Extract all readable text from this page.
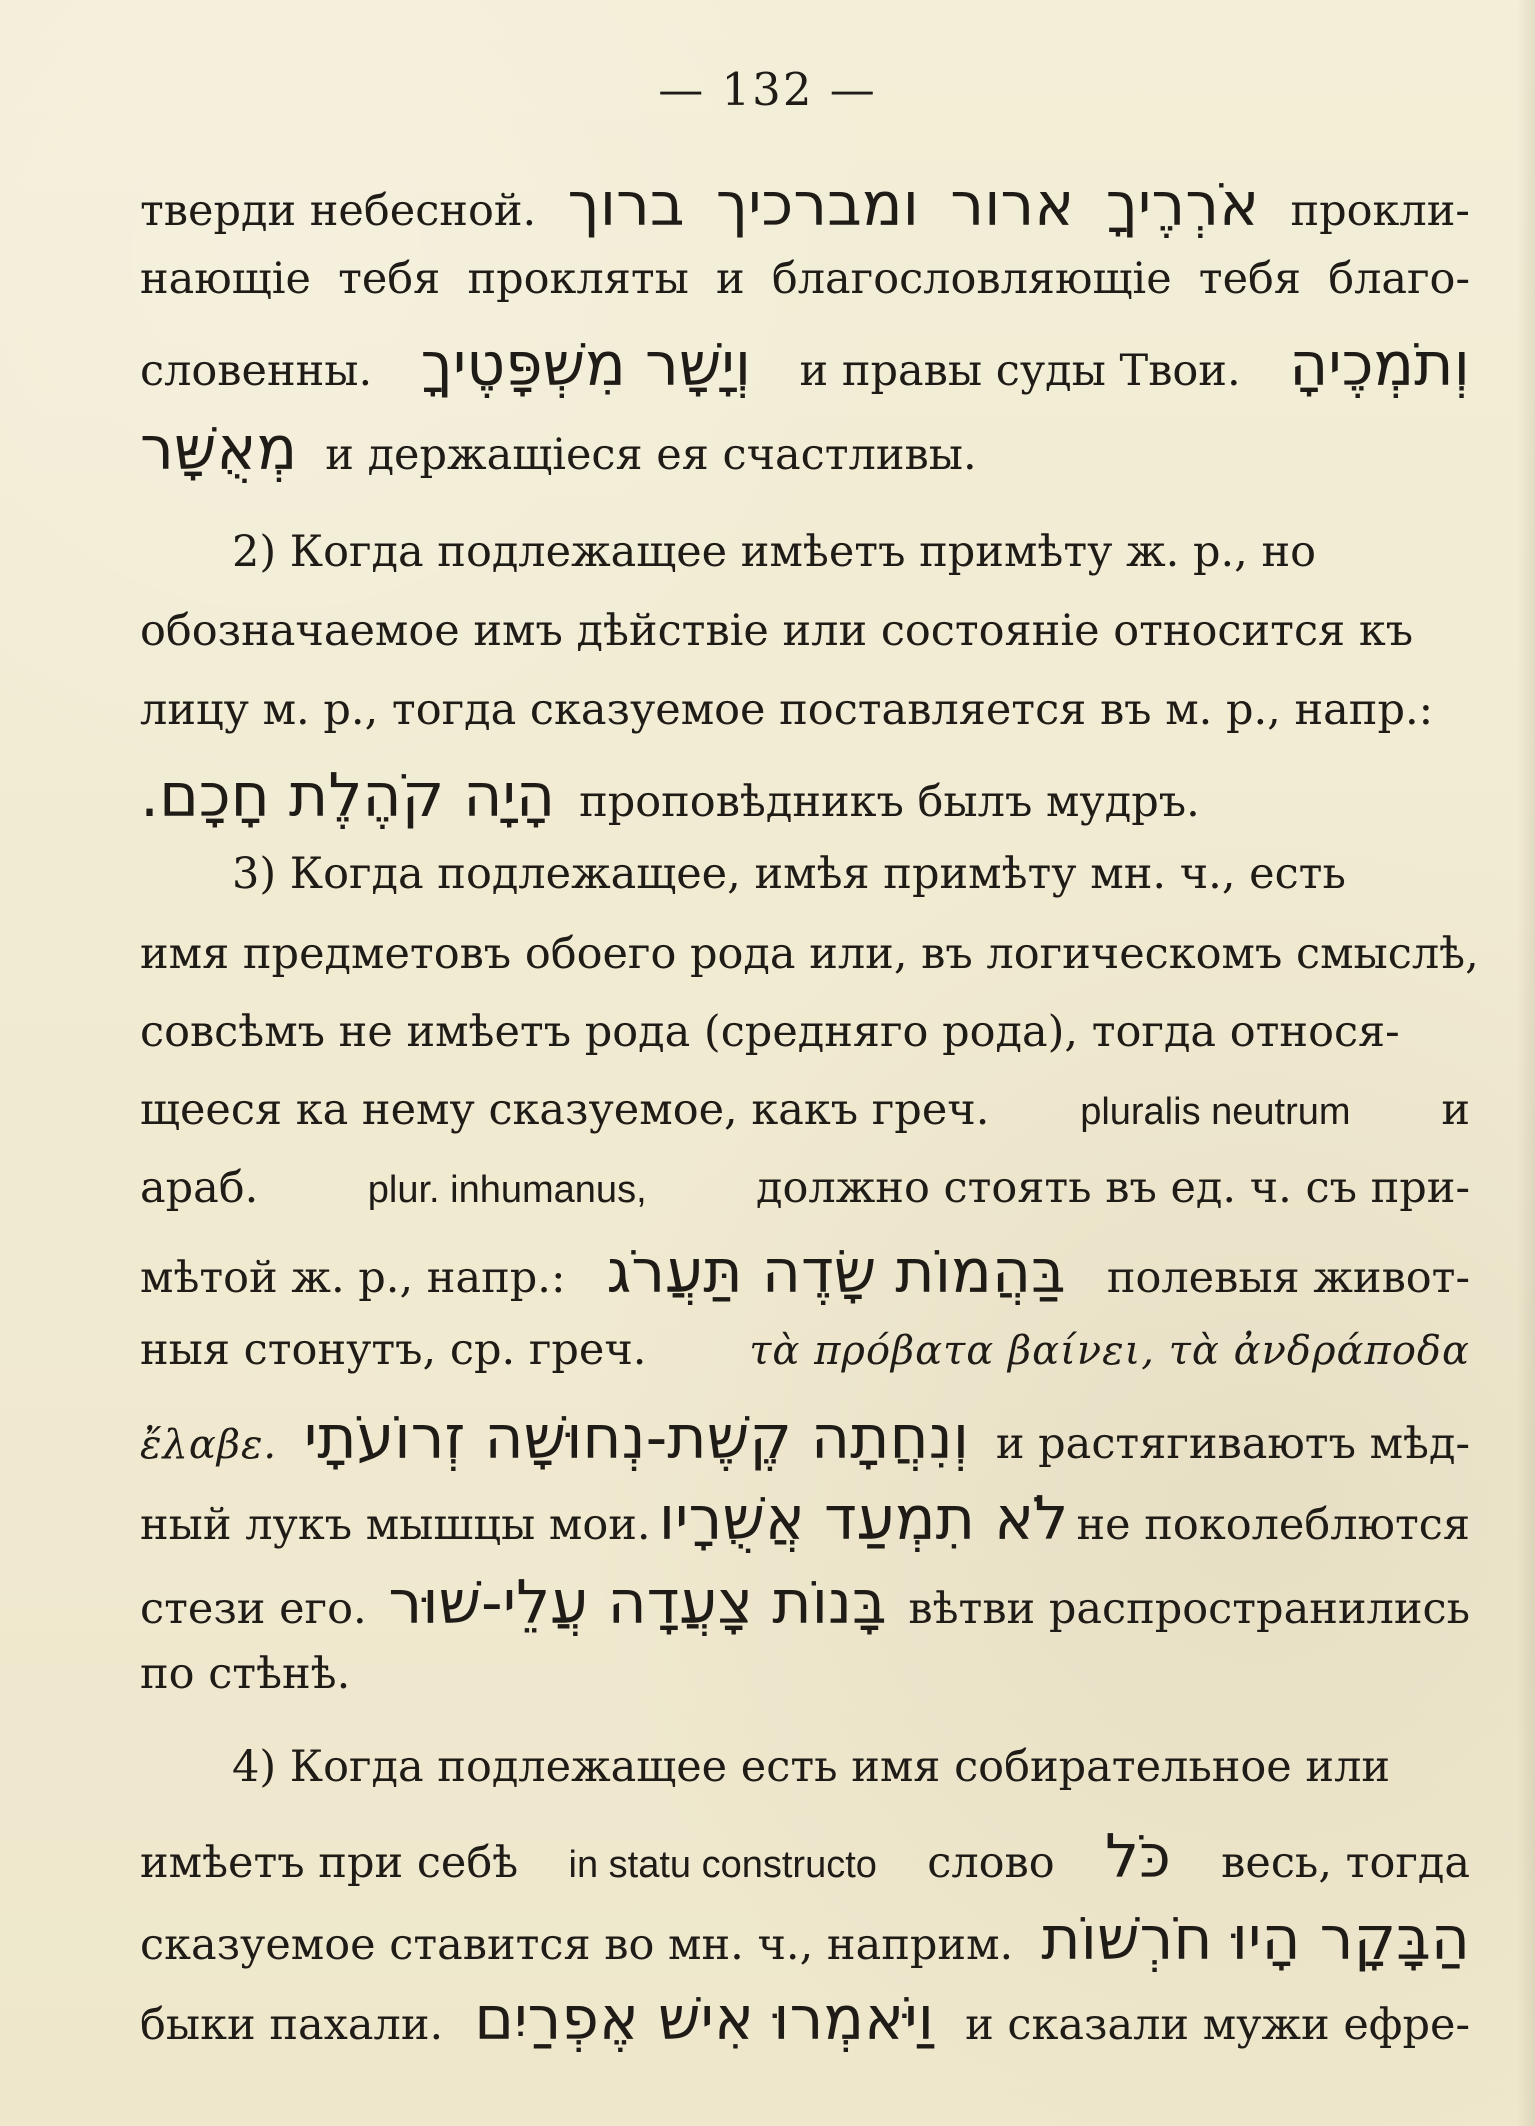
— 132 —
тверди небесной. ברוך ומברכיך ארור אֹרְרֶיךָ прокли-
нающіе тебя прокляты и благословляющіе тебя благо-
словенны. וְיָשָׁר מִשְׁפָּטֶיךָ и правы суды Твои. וְתֹמְכֶיהָ
מְאֻשָּׁר и держащіеся ея счастливы.
2) Когда подлежащее имѣетъ примѣту ж. р., но
обозначаемое имъ дѣйствіе или состояніе относится къ
лицу м. р., тогда сказуемое поставляется въ м. р., напр.:
הָיָה קֹהֶלֶת חָכָם. проповѣдникъ былъ мудръ.
3) Когда подлежащее, имѣя примѣту мн. ч., есть
имя предметовъ обоего рода или, въ логическомъ смыслѣ,
совсѣмъ не имѣетъ рода (средняго рода), тогда относя-
щееся ка нему сказуемое, какъ греч. pluralis neutrum и
араб.	plur. inhumanus,	должно стоять въ ед. ч. съ при-
мѣтой ж. р., напр.: בַּהֲמוֹת שָׂדֶה תַּעֲרֹג полевыя живот-
ныя стонутъ, ср. греч.	τὰ πρόβατα βαίνει, τὰ ἀνδράποδα
ἔλαβε. וְנִחֲתָה קֶשֶׁת-נְחוּשָׁה זְרוֹעֹתָי и растягиваютъ мѣд-
ный лукъ мышцы мои. לֹא תִמְעַד אֲשֻׁרָיו не поколеблются
стези его. בָּנוֹת צָעֲדָה עֲלֵי-שׁוּר вѣтви распространились
по стѣнѣ.
4) Когда подлежащее есть имя собирательное или
имѣетъ при себѣ in statu constructo слово כֹּל весь, тогда
сказуемое ставится во мн. ч., наприм. הַבָּקָר הָיוּ חֹרְשׁוֹת
быки пахали. וַיֹּאמְרוּ אִישׁ אֶפְרַיִם и сказали мужи ефре-
